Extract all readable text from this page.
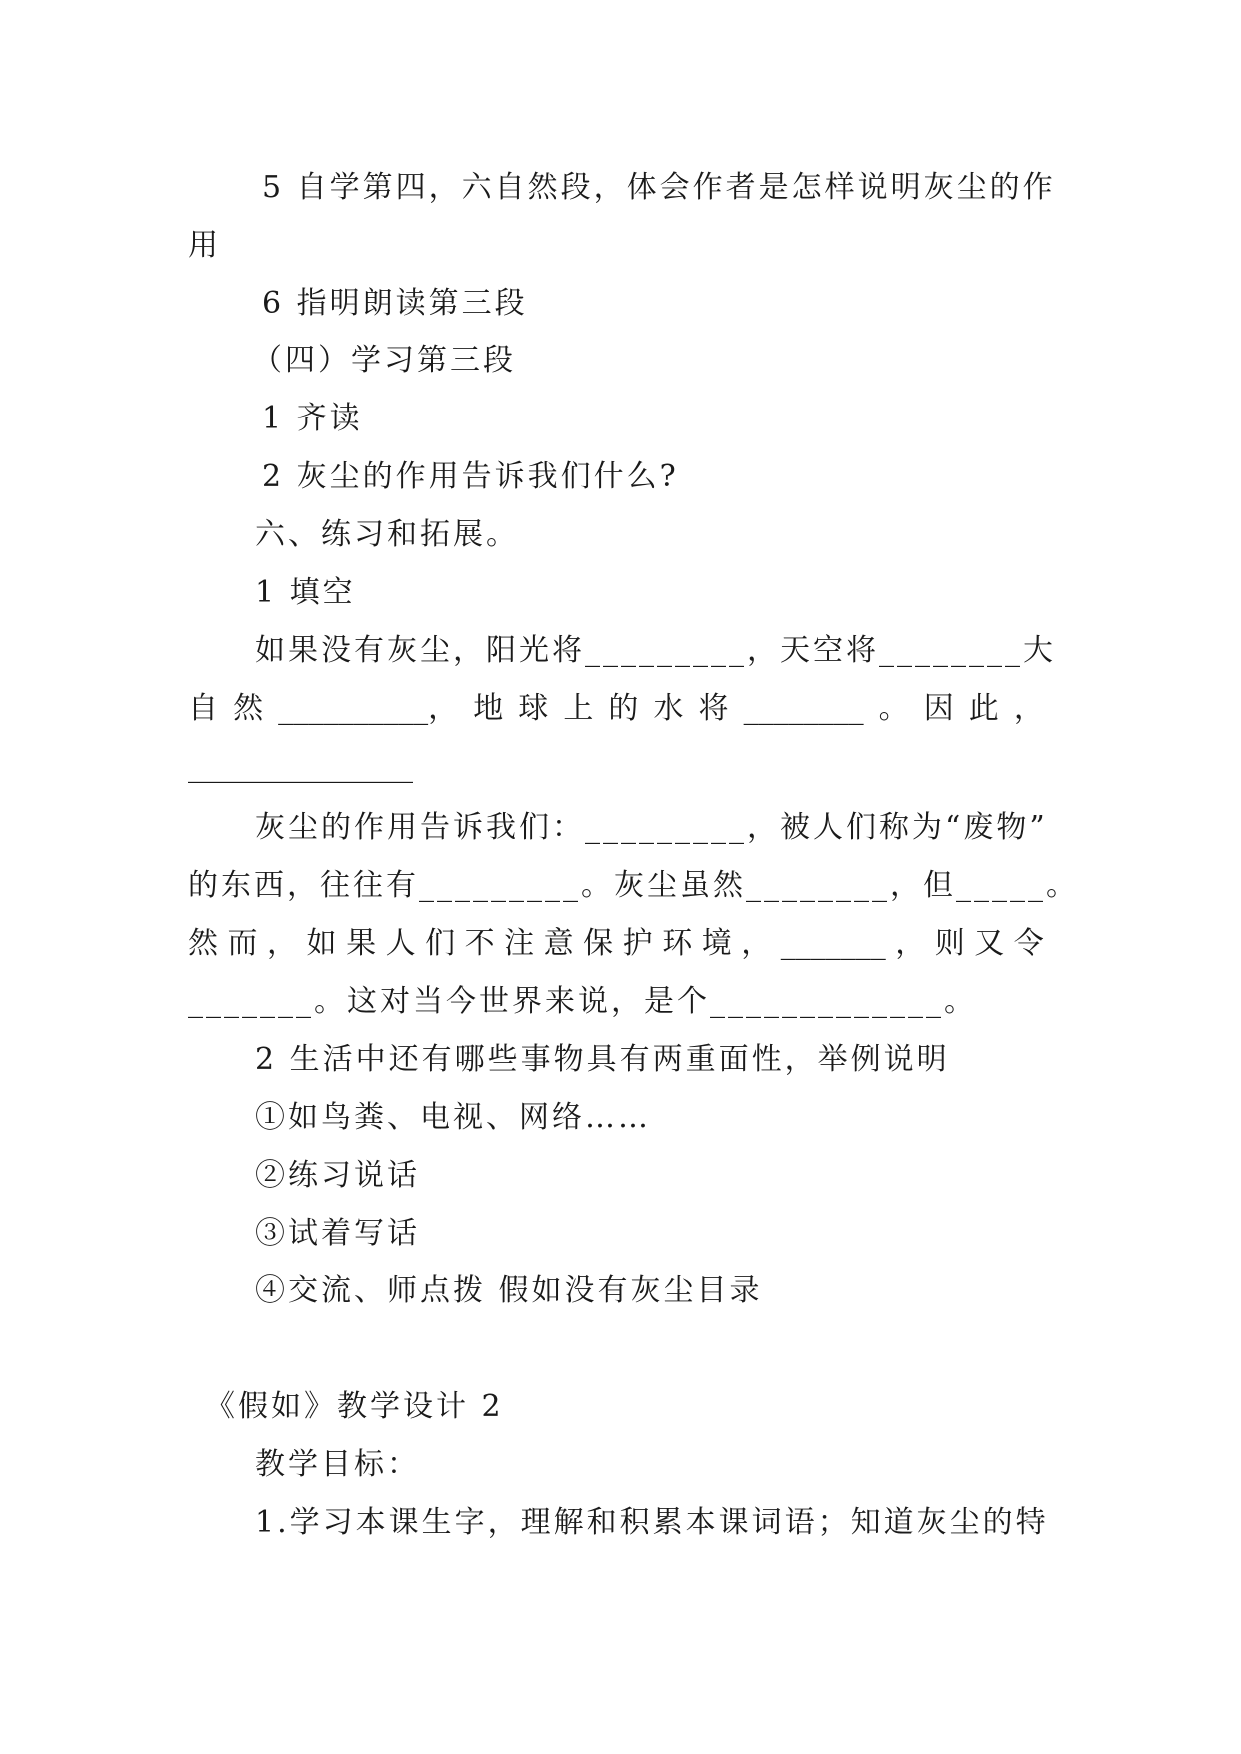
5 自学第四，六自然段，体会作者是怎样说明灰尘的作
用
6 指明朗读第三段
（四）学习第三段
1 齐读
2 灰尘的作用告诉我们什么?
六、练习和拓展。
1 填空
如果没有灰尘，阳光将_________，天空将________大
自 然 __________， 地 球 上 的 水 将 ________ 。 因 此 ，
_______________
灰尘的作用告诉我们：_________，被人们称为“废物”
的东西，往往有_________。灰尘虽然________，但_____。
然 而 ， 如 果 人 们 不 注 意 保 护 环 境 ， _______ ， 则 又 令
_______。这对当今世界来说，是个_____________。
2 生活中还有哪些事物具有两重面性，举例说明
①如鸟粪、电视、网络……
②练习说话
③试着写话
④交流、师点拨 假如没有灰尘目录
《假如》教学设计 2
教学目标：
1.学习本课生字，理解和积累本课词语；知道灰尘的特
